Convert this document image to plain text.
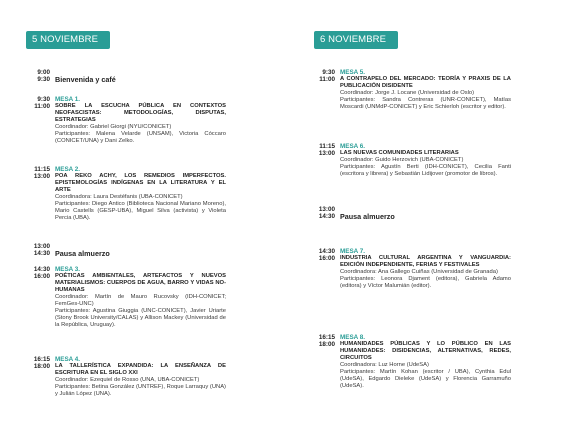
5 NOVIEMBRE
9:00
9:30 Bienvenida y café
9:30
11:00
MESA 1.
SOBRE LA ESCUCHA PÚBLICA EN CONTEXTOS NEOFASCISTAS: METODOLOGÍAS, DISPUTAS, ESTRATEGIAS
Coordinador: Gabriel Giorgi (NYU/CONICET)
Participantes: Malena Velarde (UNSAM), Victoria Cóccaro (CONICET/UNA) y Dani Zelko.
11:15
13:00
MESA 2.
POA REKO ACHY, LOS REMEDIOS IMPERFECTOS. EPISTEMOLOGÍAS INDÍGENAS EN LA LITERATURA Y EL ARTE
Coordinadora: Laura Destéfanis (UBA-CONICET)
Participantes: Diego Antico (Biblioteca Nacional Mariano Moreno), Mario Castells (GESP-UBA), Miguel Silva (activista) y Violeta Percia (UBA).
13:00
14:30 Pausa almuerzo
14:30
16:00
MESA 3.
POÉTICAS AMBIENTALES, ARTEFACTOS Y NUEVOS MATERIALISMOS: CUERPOS DE AGUA, BARRO Y VIDAS NO-HUMANAS
Coordinador: Martín de Mauro Rucovsky (IDH-CONICET; FemGes-UNC)
Participantes: Agustina Giuggia (UNC-CONICET), Javier Uriarte (Stony Brook University/CALAS) y Allison Mackey (Universidad de la República, Uruguay).
16:15
18:00
MESA 4.
LA TALLERÍSTICA EXPANDIDA: LA ENSEÑANZA DE ESCRITURA EN EL SIGLO XXI
Coordinador: Ezequiel de Rosso (UNA, UBA-CONICET)
Participantes: Betina González (UNTREF), Roque Larraquy (UNA) y Julián López (UNA).
6 NOVIEMBRE
9:30
11:00
MESA 5.
A CONTRAPELO DEL MERCADO: TEORÍA Y PRAXIS DE LA PUBLICACIÓN DISIDENTE
Coordinador: Jorge J. Locane (Universidad de Oslo)
Participantes: Sandra Contreras (UNR-CONICET), Matías Moscardi (UNMdP-CONICET) y Eric Schierloh (escritor y editor).
11:15
13:00
MESA 6.
LAS NUEVAS COMUNIDADES LITERARIAS
Coordinador: Guido Herzovich (UBA-CONICET)
Participantes: Agustín Berti (IDH-CONICET), Cecilia Fanti (escritora y librera) y Sebastián Lidijover (promotor de libros).
13:00
14:30 Pausa almuerzo
14:30
16:00
MESA 7.
INDUSTRIA CULTURAL ARGENTINA Y VANGUARDIA: EDICIÓN INDEPENDIENTE, FERIAS Y FESTIVALES
Coordinadora: Ana Gallego Cuiñas (Universidad de Granada)
Participantes: Leonora Djament (editora), Gabriela Adamo (editora) y Víctor Malumián (editor).
16:15
18:00
MESA 8.
HUMANIDADES PÚBLICAS Y LO PÚBLICO EN LAS HUMANIDADES: DISIDENCIAS, ALTERNATIVAS, REDES, CIRCUITOS
Coordinadora: Luz Horne (UdeSA)
Participantes: Martín Kohan (escritor / UBA), Cynthia Edul (UdeSA), Edgardo Dieleke (UdeSA) y Florencia Garramuño (UdeSA).
